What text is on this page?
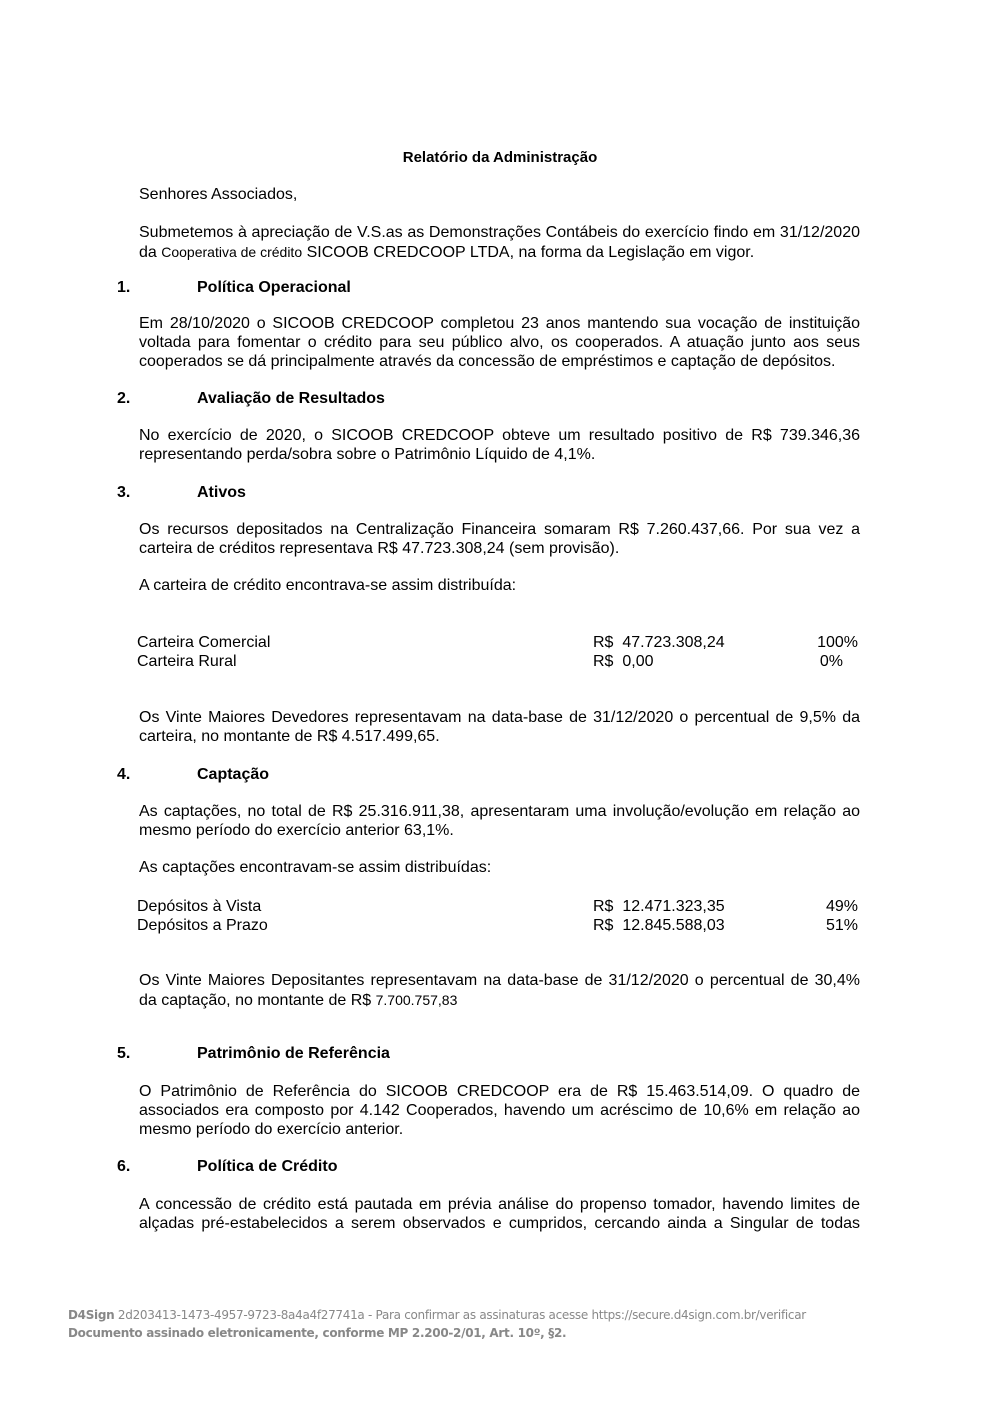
Relatório da Administração
Senhores Associados,
Submetemos à apreciação de V.S.as as Demonstrações Contábeis do exercício findo em 31/12/2020 da Cooperativa de crédito SICOOB CREDCOOP LTDA, na forma da Legislação em vigor.
1.	Política Operacional
Em 28/10/2020 o SICOOB CREDCOOP completou 23 anos mantendo sua vocação de instituição voltada para fomentar o crédito para seu público alvo, os cooperados. A atuação junto aos seus cooperados se dá principalmente através da concessão de empréstimos e captação de depósitos.
2.	Avaliação de Resultados
No exercício de 2020, o SICOOB CREDCOOP obteve um resultado positivo de R$ 739.346,36 representando perda/sobra sobre o Patrimônio Líquido de 4,1%.
3.	Ativos
Os recursos depositados na Centralização Financeira somaram R$ 7.260.437,66. Por sua vez a carteira de créditos representava R$ 47.723.308,24 (sem provisão).
A carteira de crédito encontrava-se assim distribuída:
Carteira Comercial	R$  47.723.308,24	100%
Carteira Rural	R$  0,00	0%
Os Vinte Maiores Devedores representavam na data-base de 31/12/2020 o percentual de 9,5% da carteira, no montante de R$ 4.517.499,65.
4.	Captação
As captações, no total de R$ 25.316.911,38, apresentaram uma involução/evolução em relação ao mesmo período do exercício anterior 63,1%.
As captações encontravam-se assim distribuídas:
Depósitos à Vista	R$  12.471.323,35	49%
Depósitos a Prazo	R$  12.845.588,03	51%
Os Vinte Maiores Depositantes representavam na data-base de 31/12/2020 o percentual de 30,4% da captação, no montante de R$ 7.700.757,83
5.	Patrimônio de Referência
O Patrimônio de Referência do SICOOB CREDCOOP era de R$ 15.463.514,09. O quadro de associados era composto por 4.142 Cooperados, havendo um acréscimo de 10,6% em relação ao mesmo período do exercício anterior.
6.	Política de Crédito
A concessão de crédito está pautada em prévia análise do propenso tomador, havendo limites de alçadas pré-estabelecidos a serem observados e cumpridos, cercando ainda a Singular de todas
D4Sign 2d203413-1473-4957-9723-8a4a4f27741a - Para confirmar as assinaturas acesse https://secure.d4sign.com.br/verificar
Documento assinado eletronicamente, conforme MP 2.200-2/01, Art. 10º, §2.
